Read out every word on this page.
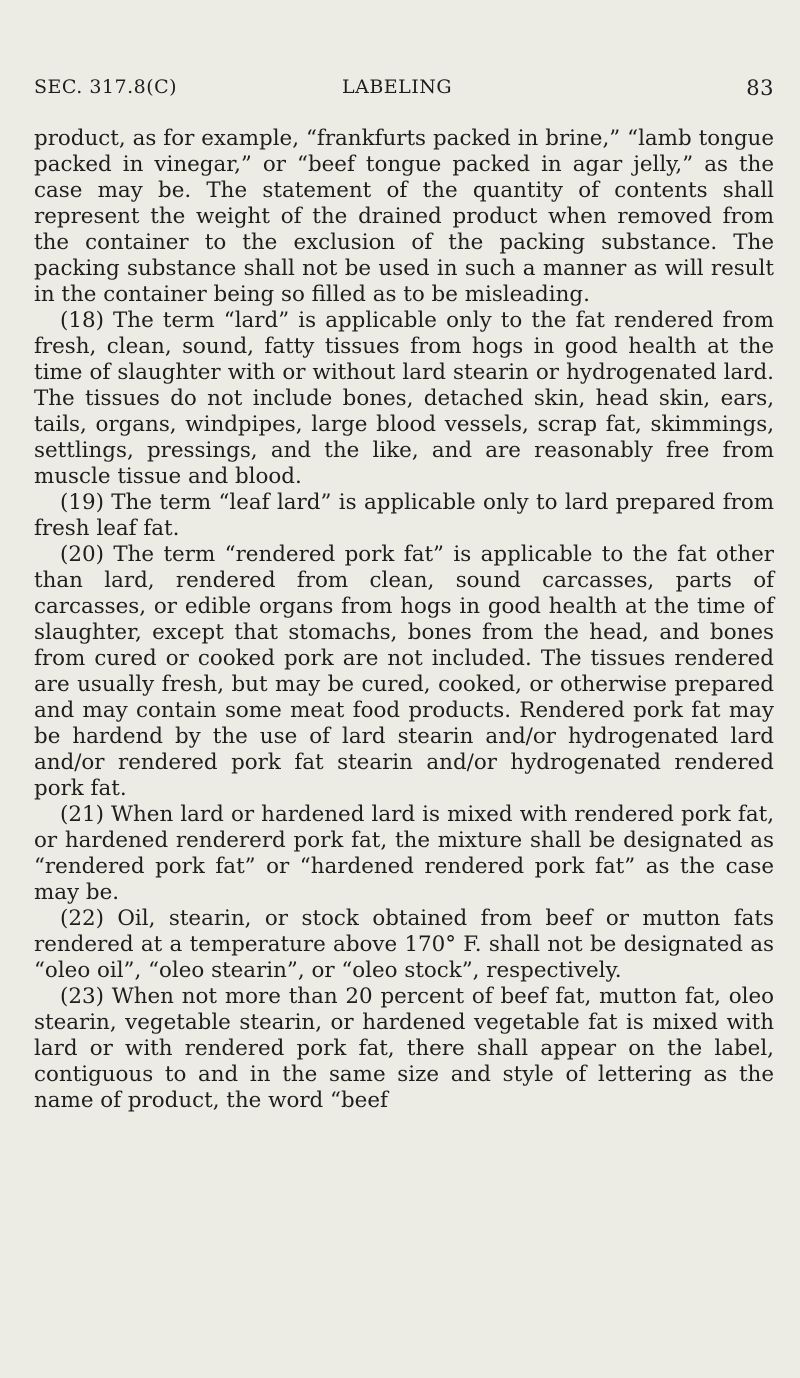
SEC. 317.8(C)	LABELING	83

product, as for example, “frankfurts packed in brine,” “lamb tongue packed in vinegar,” or “beef tongue packed in agar jelly,” as the case may be. The statement of the quantity of contents shall represent the weight of the drained product when removed from the container to the exclusion of the packing substance. The packing substance shall not be used in such a manner as will result in the container being so filled as to be misleading.

(18) The term “lard” is applicable only to the fat rendered from fresh, clean, sound, fatty tissues from hogs in good health at the time of slaughter with or without lard stearin or hydrogenated lard. The tissues do not include bones, detached skin, head skin, ears, tails, organs, windpipes, large blood vessels, scrap fat, skimmings, settlings, pressings, and the like, and are reasonably free from muscle tissue and blood.

(19) The term “leaf lard” is applicable only to lard prepared from fresh leaf fat.

(20) The term “rendered pork fat” is applicable to the fat other than lard, rendered from clean, sound carcasses, parts of carcasses, or edible organs from hogs in good health at the time of slaughter, except that stomachs, bones from the head, and bones from cured or cooked pork are not included. The tissues rendered are usually fresh, but may be cured, cooked, or otherwise prepared and may contain some meat food products. Rendered pork fat may be hardend by the use of lard stearin and/or hydrogenated lard and/or rendered pork fat stearin and/or hydrogenated rendered pork fat.

(21) When lard or hardened lard is mixed with rendered pork fat, or hardened rendererd pork fat, the mixture shall be designated as “rendered pork fat” or “hardened rendered pork fat” as the case may be.

(22) Oil, stearin, or stock obtained from beef or mutton fats rendered at a temperature above 170° F. shall not be designated as “oleo oil”, “oleo stearin”, or “oleo stock”, respectively.

(23) When not more than 20 percent of beef fat, mutton fat, oleo stearin, vegetable stearin, or hardened vegetable fat is mixed with lard or with rendered pork fat, there shall appear on the label, contiguous to and in the same size and style of lettering as the name of product, the word “beef
